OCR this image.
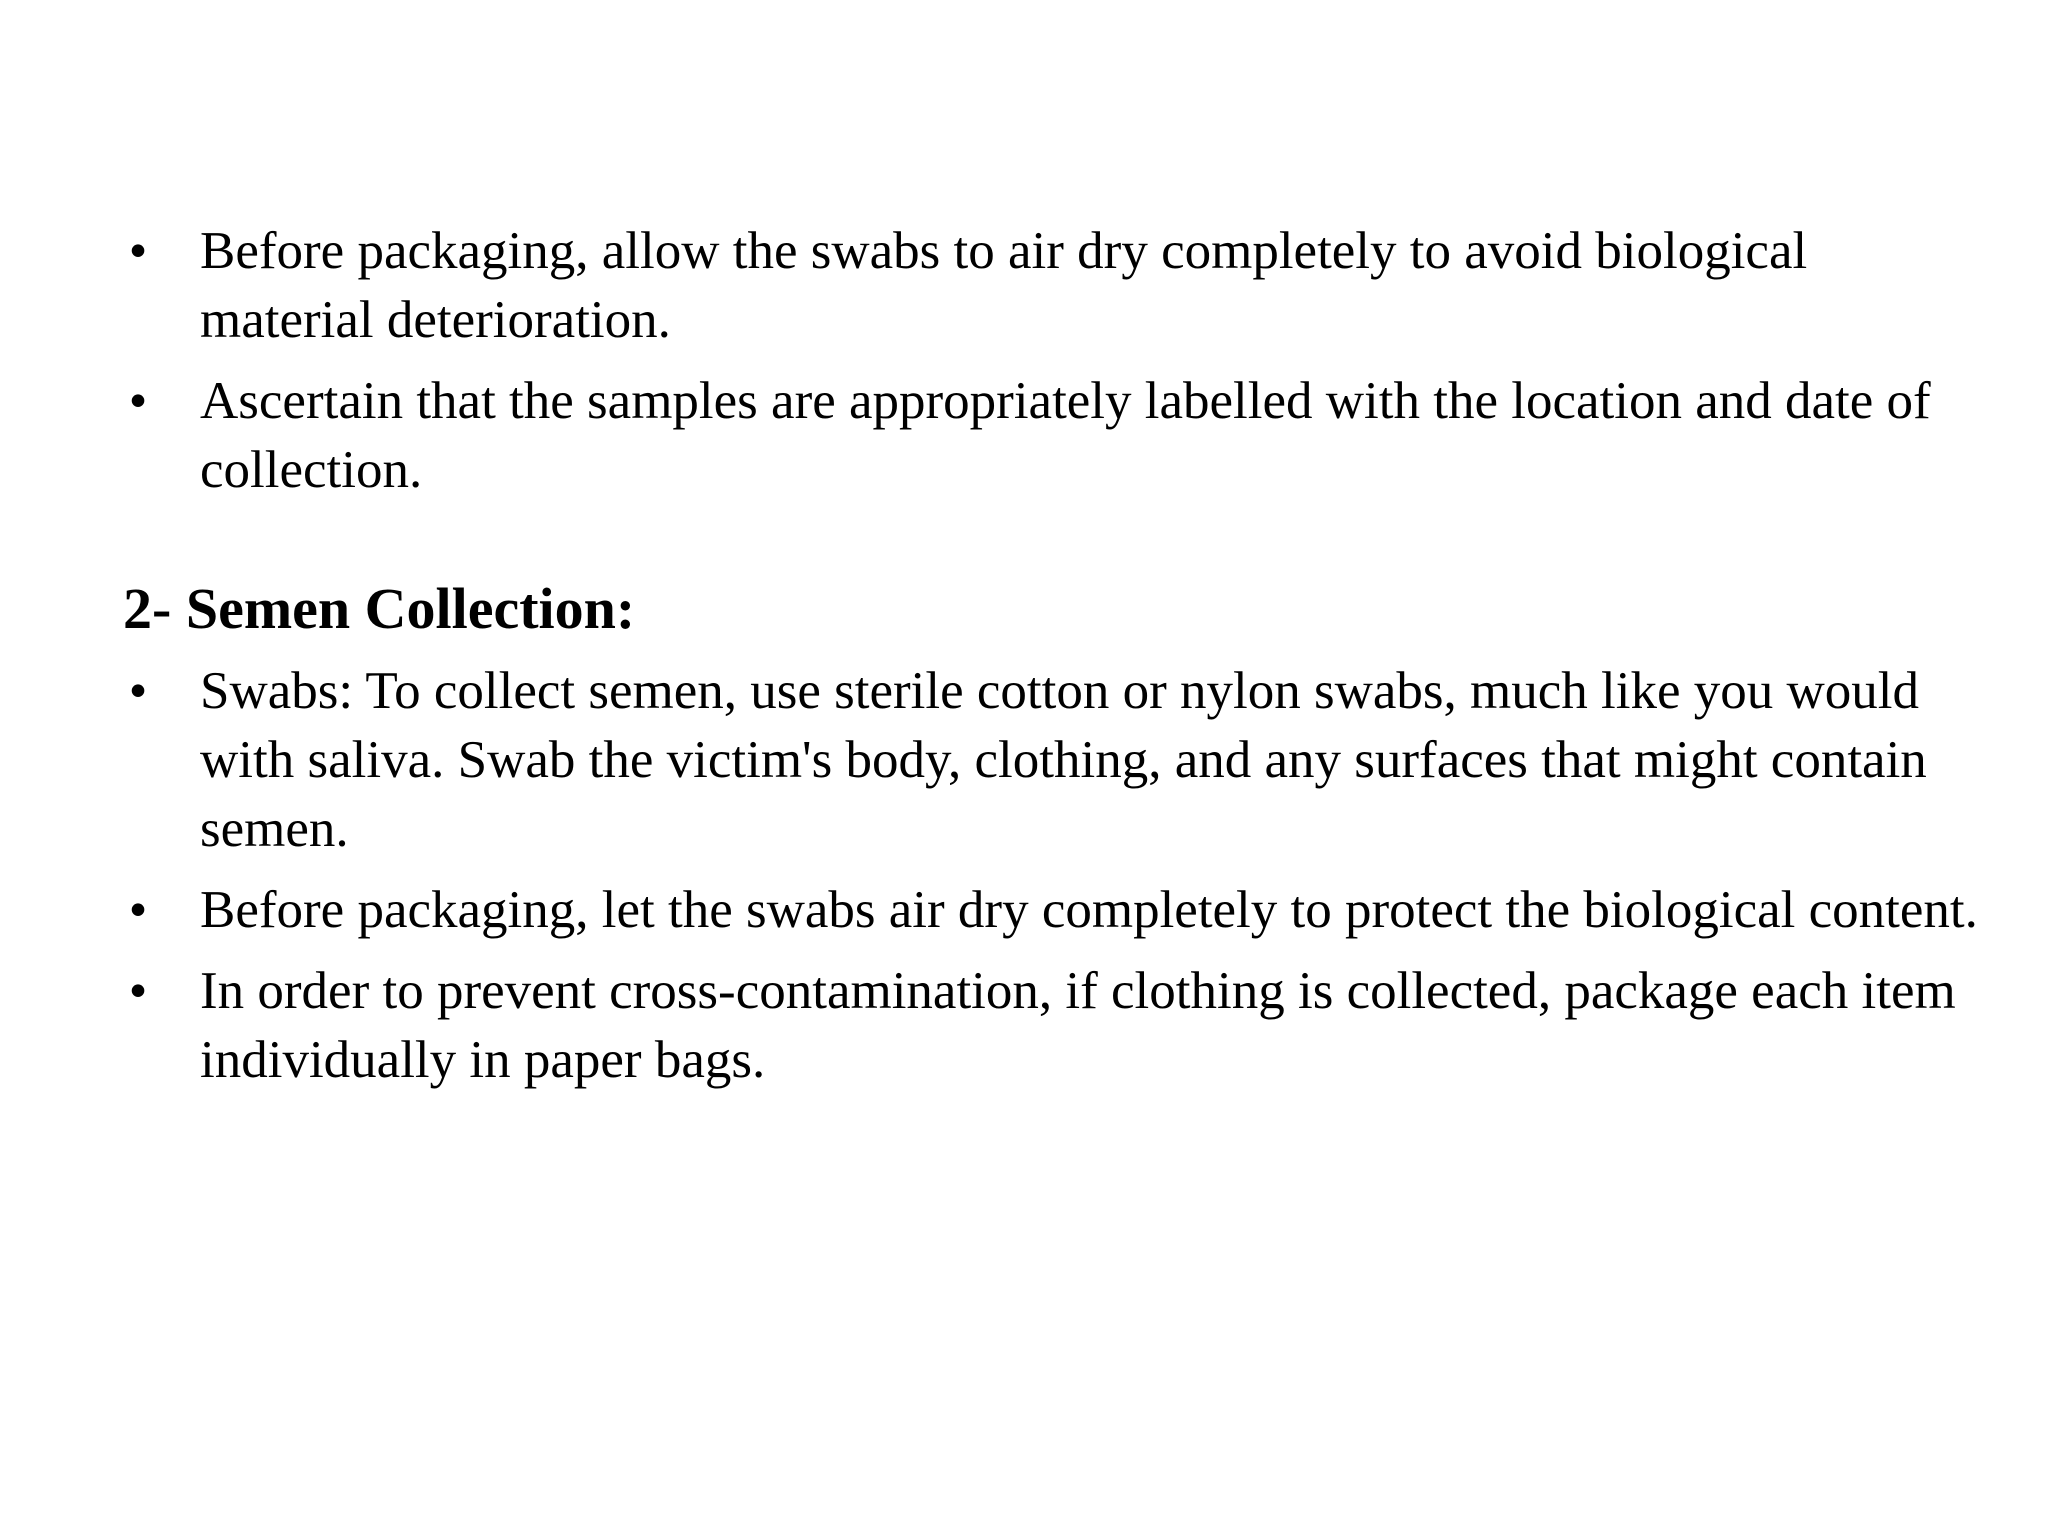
• Before packaging, allow the swabs to air dry completely to avoid biological material deterioration.
• Ascertain that the samples are appropriately labelled with the location and date of collection.
2- Semen Collection:
• Swabs: To collect semen, use sterile cotton or nylon swabs, much like you would with saliva. Swab the victim's body, clothing, and any surfaces that might contain semen.
• Before packaging, let the swabs air dry completely to protect the biological content.
• In order to prevent cross-contamination, if clothing is collected, package each item individually in paper bags.
